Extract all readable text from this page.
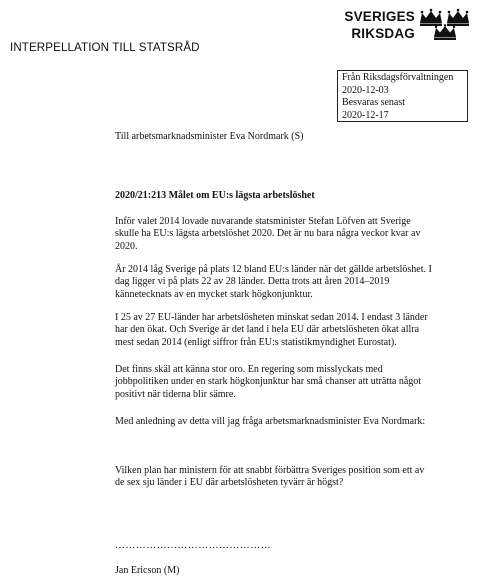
SVERIGES
RIKSDAG
INTERPELLATION TILL STATSRÅD
Från Riksdagsförvaltningen
2020-12-03
Besvaras senast
2020-12-17
Till arbetsmarknadsminister Eva Nordmark (S)
2020/21:213 Målet om EU:s lägsta arbetslöshet
Inför valet 2014 lovade nuvarande statsminister Stefan Löfven att Sverige
skulle ha EU:s lägsta arbetslöshet 2020. Det är nu bara några veckor kvar av
2020.
År 2014 låg Sverige på plats 12 bland EU:s länder när det gällde arbetslöshet. I
dag ligger vi på plats 22 av 28 länder. Detta trots att åren 2014–2019
kännetecknats av en mycket stark högkonjunktur.
I 25 av 27 EU-länder har arbetslösheten minskat sedan 2014. I endast 3 länder
har den ökat. Och Sverige är det land i hela EU där arbetslösheten ökat allra
mest sedan 2014 (enligt siffror från EU:s statistikmyndighet Eurostat).
Det finns skäl att känna stor oro. En regering som misslyckats med
jobbpolitiken under en stark högkonjunktur har små chanser att uträtta något
positivt när tiderna blir sämre.
Med anledning av detta vill jag fråga arbetsmarknadsminister Eva Nordmark:
Vilken plan har ministern för att snabbt förbättra Sveriges position som ett av
de sex sju länder i EU där arbetslösheten tyvärr är högst?
………………………………………
Jan Ericson (M)
